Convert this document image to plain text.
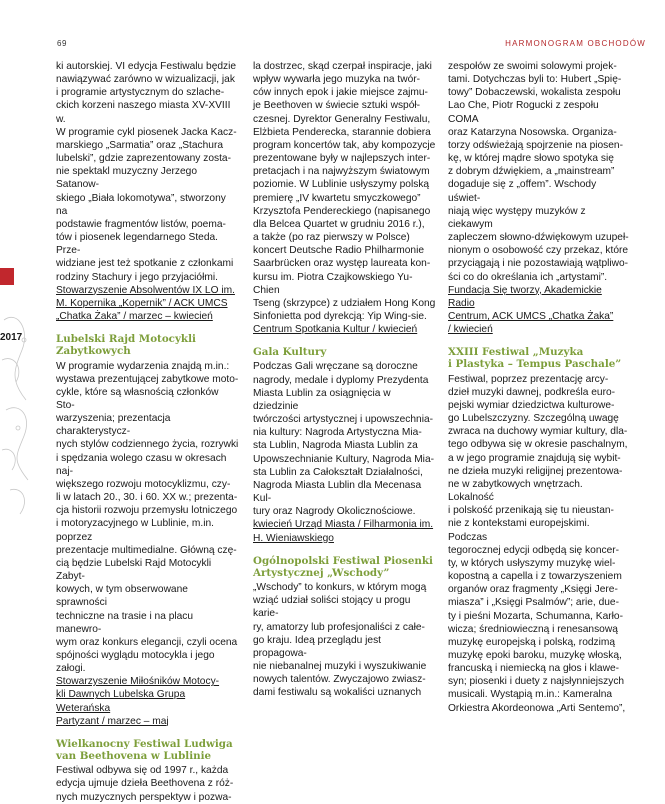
69	HARMONOGRAM OBCHODÓW
2017

ki autorskiej. VI edycja Festiwalu będzie
nawiązywać zarówno w wizualizacji, jak
i programie artystycznym do szlache-
ckich korzeni naszego miasta XV-XVIII w.
W programie cykl piosenek Jacka Kacz-
marskiego „Sarmatia” oraz „Stachura
lubelski”, gdzie zaprezentowany zosta-
nie spektakl muzyczny Jerzego Satanow-
skiego „Biała lokomotywa”, stworzony na
podstawie fragmentów listów, poema-
tów i piosenek legendarnego Steda. Prze-
widziane jest też spotkanie z członkami
rodziny Stachury i jego przyjaciółmi.

Stowarzyszenie Absolwentów IX LO im.
M. Kopernika „Kopernik” / ACK UMCS
„Chatka Żaka” / marzec – kwiecień

Lubelski Rajd Motocykli
Zabytkowych

W programie wydarzenia znajdą m.in.:
wystawa prezentującej zabytkowe moto-
cykle, które są własnością członków Sto-
warzyszenia; prezentacja charakterystycz-
nych stylów codziennego życia, rozrywki
i spędzania wolego czasu w okresach naj-
większego rozwoju motocyklizmu, czy-
li w latach 20., 30. i 60. XX w.; prezenta-
cja historii rozwoju przemysłu lotniczego
i motoryzacyjnego w Lublinie, m.in. poprzez
prezentacje multimedialne. Główną czę-
cią będzie Lubelski Rajd Motocykli Zabyt-
kowych, w tym obserwowane sprawności
techniczne na trasie i na placu manewro-
wym oraz konkurs elegancji, czyli ocena
spójności wyglądu motocykla i jego załogi.

Stowarzyszenie Miłośników Motocy-
kli Dawnych Lubelska Grupa Weterańska
Partyzant / marzec – maj

Wielkanocny Festiwal Ludwiga
van Beethovena w Lublinie

Festiwal odbywa się od 1997 r., każda
edycja ujmuje dzieła Beethovena z róż-
nych muzycznych perspektyw i pozwa-

la dostrzec, skąd czerpał inspiracje, jaki
wpływ wywarła jego muzyka na twór-
ców innych epok i jakie miejsce zajmu-
je Beethoven w świecie sztuki współ-
czesnej. Dyrektor Generalny Festiwalu,
Elżbieta Penderecka, starannie dobiera
program koncertów tak, aby kompozycje
prezentowane były w najlepszych inter-
pretacjach i na najwyższym światowym
poziomie. W Lublinie usłyszymy polską
premierę „IV kwartetu smyczkowego”
Krzysztofa Pendereckiego (napisanego
dla Belcea Quartet w grudniu 2016 r.),
a także (po raz pierwszy w Polsce)
koncert Deutsche Radio Philharmonie
Saarbrücken oraz występ laureata kon-
kursu im. Piotra Czajkowskiego Yu-Chien
Tseng (skrzypce) z udziałem Hong Kong
Sinfonietta pod dyrekcją: Yip Wing-sie.

Centrum Spotkania Kultur / kwiecień

Gala Kultury

Podczas Gali wręczane są doroczne
nagrody, medale i dyplomy Prezydenta
Miasta Lublin za osiągnięcia w dziedzinie
twórczości artystycznej i upowszechnia-
nia kultury: Nagroda Artystyczna Mia-
sta Lublin, Nagroda Miasta Lublin za
Upowszechnianie Kultury, Nagroda Mia-
sta Lublin za Całokształt Działalności,
Nagroda Miasta Lublin dla Mecenasa Kul-
tury oraz Nagrody Okolicznościowe.

kwiecień Urząd Miasta / Filharmonia im.
H. Wieniawskiego

Ogólnopolski Festiwal Piosenki
Artystycznej „Wschody”

„Wschody” to konkurs, w którym mogą
wziąć udział soliści stojący u progu karie-
ry, amatorzy lub profesjonaliści z całe-
go kraju. Ideą przeglądu jest propagowa-
nie niebanalnej muzyki i wyszukiwanie
nowych talentów. Zwyczajowo zwiasz-
dami festiwalu są wokaliści uznanych

zespołów ze swoimi solowymi projek-
tami. Dotychczas byli to: Hubert „Spię-
towy” Dobaczewski, wokalista zespołu
Lao Che, Piotr Rogucki z zespołu COMA
oraz Katarzyna Nosowska. Organiza-
torzy odświeżają spojrzenie na piosen-
kę, w której mądre słowo spotyka się
z dobrym dźwiękiem, a „mainstream”
dogaduje się z „offem”. Wschody uświet-
niają więc występy muzyków z ciekawym
zapleczem słowno-dźwiękowym uzupeł-
nionym o osobowość czy przekaz, które
przyciągają i nie pozostawiają wątpliwo-
ści co do określania ich „artystami”.

Fundacja Się tworzy, Akademickie Radio
Centrum, ACK UMCS „Chatka Żaka”
/ kwiecień

XXIII Festiwal „Muzyka
i Plastyka – Tempus Paschale”

Festiwal, poprzez prezentację arcy-
dzieł muzyki dawnej, podkreśla euro-
pejski wymiar dziedzictwa kulturowe-
go Lubelszczyzny. Szczególną uwagę
zwraca na duchowy wymiar kultury, dla-
tego odbywa się w okresie paschalnym,
a w jego programie znajdują się wybit-
ne dzieła muzyki religijnej prezentowa-
ne w zabytkowych wnętrzach. Lokalność
i polskość przenikają się tu nieustan-
nie z kontekstami europejskimi. Podczas
tegorocznej edycji odbędą się koncer-
ty, w których usłyszymy muzykę wiel-
kopostną a capella i z towarzyszeniem
organów oraz fragmenty „Księgi Jere-
miasza” i „Księgi Psalmów”; arie, due-
ty i pieśni Mozarta, Schumanna, Karło-
wicza; średniowieczną i renesansową
muzykę europejską i polską, rodzimą
muzykę epoki baroku, muzykę włoską,
francuską i niemiecką na głos i klawe-
syn; piosenki i duety z najsłynniejszych
musicali. Wystąpią m.in.: Kameralna
Orkiestra Akordeonowa „Arti Sentemo”,
